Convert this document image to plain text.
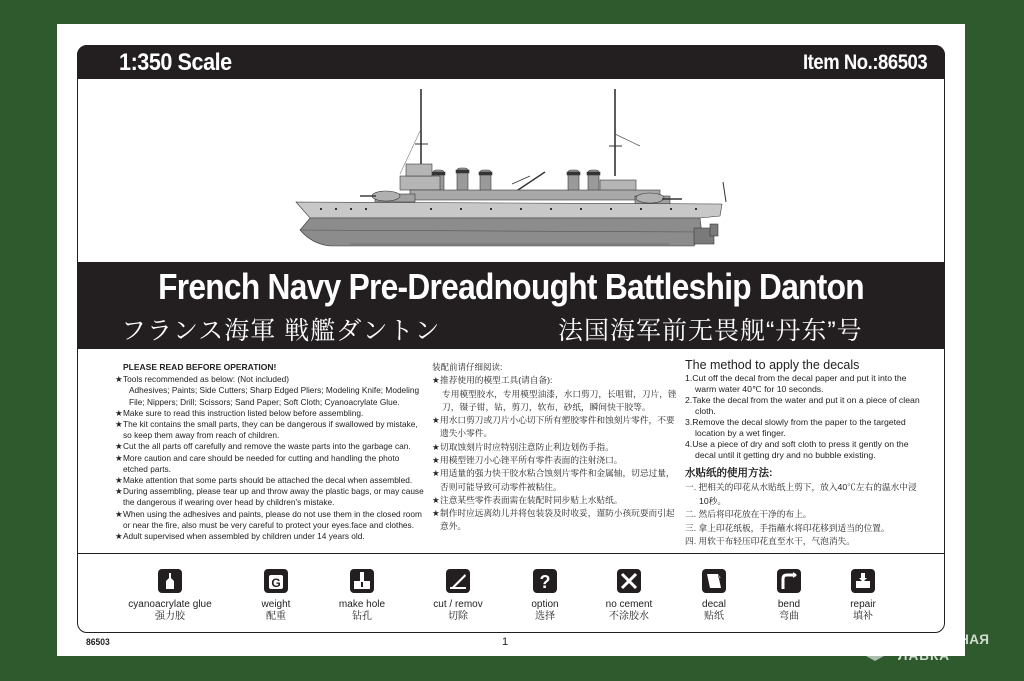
1:350 Scale	Item No.:86503
French Navy Pre-Dreadnought Battleship Danton
フランス海軍 戦艦ダントン	法国海军前无畏舰“丹东”号
PLEASE READ BEFORE OPERATION!
★Tools recommended as below: (Not included)
Adhesives; Paints; Side Cutters; Sharp Edged Pliers; Modeling Knife; Modeling File; Nippers; Drill; Scissors; Sand Paper; Soft Cloth; Cyanoacrylate Glue.
★Make sure to read this instruction listed below before assembling.
★The kit contains the small parts, they can be dangerous if swallowed by mistake, so keep them away from reach of children.
★Cut the all parts off carefully and remove the waste parts into the garbage can.
★More caution and care should be needed for cutting and handling the photo etched parts.
★Make attention that some parts should be attached the decal when assembled.
★During assembling, please tear up and throw away the plastic bags, or may cause the dangerous if wearing over head by children's mistake.
★When using the adhesives and paints, please do not use them in the closed room or near the fire, also must be very careful to protect your eyes.face and clothes.
★Adult supervised when assembled by children under 14 years old.
装配前请仔细阅读:
★推荐使用的模型工具(请自备):
专用模型胶水，专用模型油漆，水口剪刀，长咀钳，刀片，锉刀，镊子钳，钻，剪刀，软布，砂纸，瞬间快干胶等。
★用水口剪刀或刀片小心切下所有塑胶零件和蚀刻片零件，不要遗失小零件。
★切取蚀刻片时应特别注意防止利边划伤手指。
★用模型锉刀小心锉平所有零件表面的注射浇口。
★用适量的强力快干胶水粘合蚀刻片零件和金属轴，切忌过量，否则可能导致可动零件被粘住。
★注意某些零件表面需在装配时同步贴上水贴纸。
★制作时应远离幼儿并将包装袋及时收妥，谨防小孩玩耍而引起意外。
The method to apply the decals
1.Cut off the decal from the decal paper and put it into the warm water 40℃ for 10 seconds.
2.Take the decal from the water and put it on a piece of clean cloth.
3.Remove the decal slowly from the paper to the targeted location by a wet finger.
4.Use a piece of dry and soft cloth to press it gently on the decal until it getting dry and no bubble existing.
水贴纸的使用方法:
一. 把相关的印花从水贴纸上剪下，放入40℃左右的温水中浸10秒。
二. 然后将印花放在干净的布上。
三. 拿上印花纸板，手指蘸水将印花移到适当的位置。
四. 用软干布轻压印花直至水干，气泡消失。
cyanoacrylate glue
强力胶
G
weight
配重
make hole
钻孔
cut / remov
切除
?
option
选择
no cement
不涂胶水
decal
贴纸
bend
弯曲
repair
填补
86503	1	МОДЕЛЬНАЯ
ЛАВКА
